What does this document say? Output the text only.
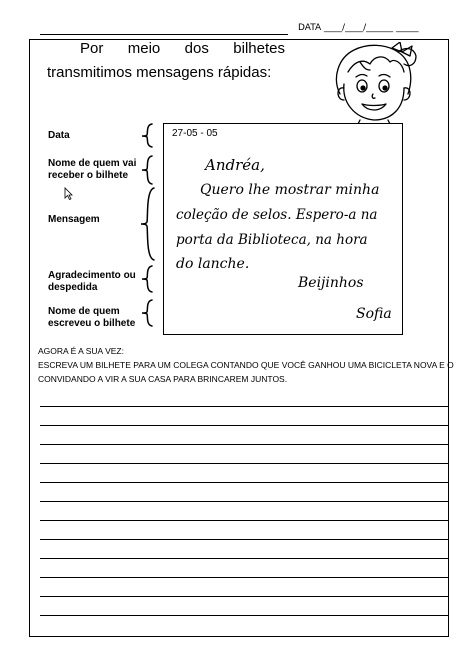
DATA ____/____/______ _____
Por meio dos bilhetes
transmitimos mensagens rápidas:
Data
Nome de quem vai
receber o bilhete
Mensagem
Agradecimento ou
despedida
Nome de quem
escreveu o bilhete
27-05 - 05
Andréa,
Quero lhe mostrar minha
coleção de selos. Espero-a na
porta da Biblioteca, na hora
do lanche.
Beijinhos
Sofia
AGORA É A SUA VEZ:
ESCREVA UM BILHETE PARA UM COLEGA CONTANDO QUE VOCÊ GANHOU UMA BICICLETA NOVA E O
CONVIDANDO A VIR A SUA CASA PARA BRINCAREM JUNTOS.
